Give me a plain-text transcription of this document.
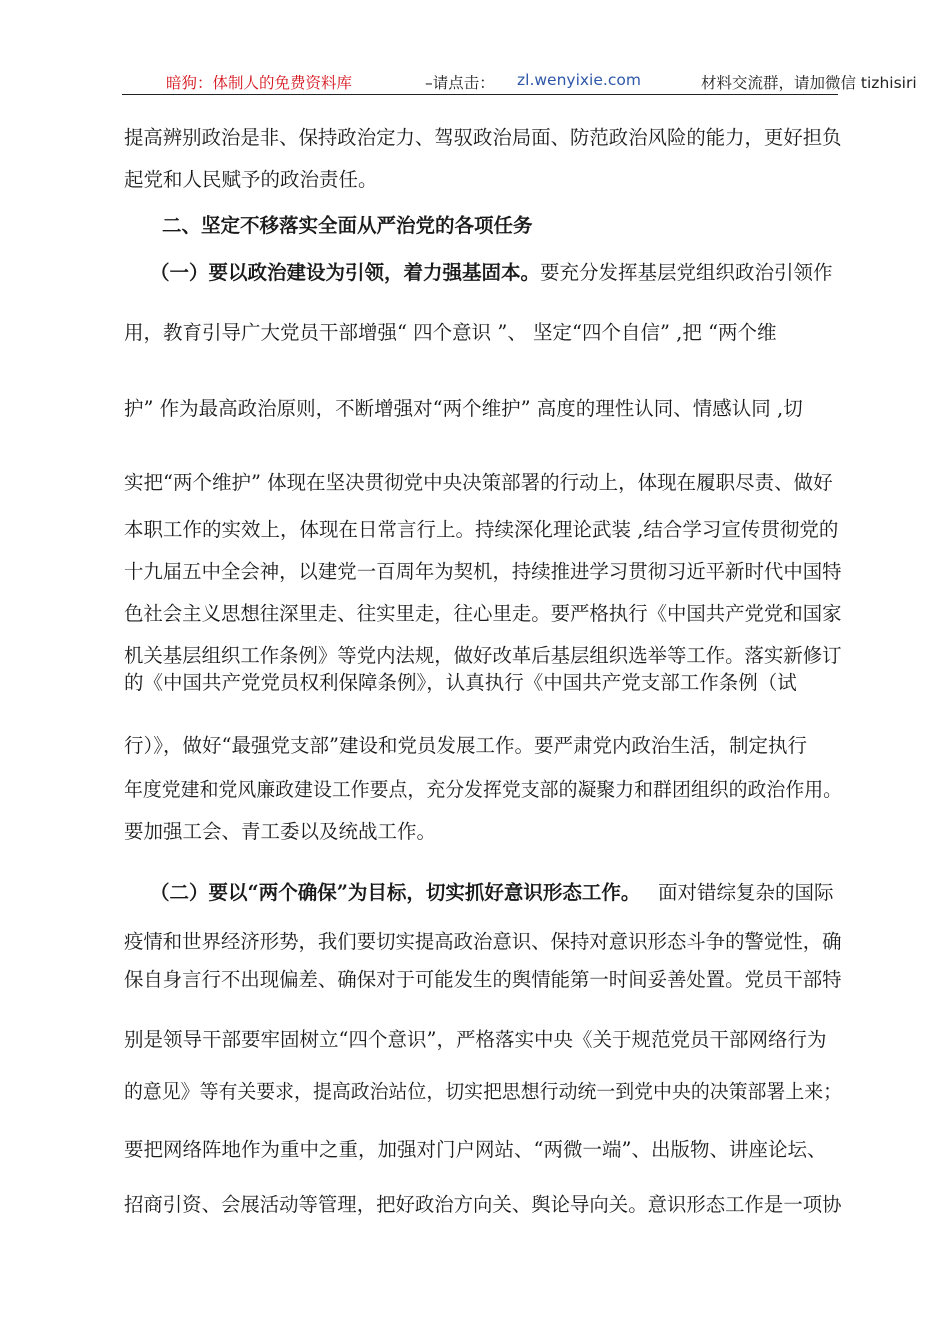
暗狗：体制人的免费资料库	–请点击： zl.wenyixie.com	材料交流群，请加微信 tizhisiri
提高辨别政治是非、保持政治定力、驾驭政治局面、防范政治风险的能力，更好担负
起党和人民赋予的政治责任。
二、坚定不移落实全面从严治党的各项任务
（一）要以政治建设为引领，着力强基固本。 要充分发挥基层党组织政治引领作
用，教育引导广大党员干部增强“ 四个意识 ”、 坚定“四个自信” ,把 “两个维
护” 作为最高政治原则，不断增强对“两个维护” 高度的理性认同、情感认同 ,切
实把“两个维护” 体现在坚决贯彻党中央决策部署的行动上，体现在履职尽责、做好
本职工作的实效上，体现在日常言行上。持续深化理论武装 ,结合学习宣传贯彻党的
十九届五中全会神，以建党一百周年为契机，持续推进学习贯彻习近平新时代中国特
色社会主义思想往深里走、往实里走，往心里走。要严格执行《中国共产党党和国家
机关基层组织工作条例》等党内法规，做好改革后基层组织选举等工作。落实新修订
的《中国共产党党员权利保障条例》，认真执行《中国共产党支部工作条例（试
行）》，做好“最强党支部”建设和党员发展工作。要严肃党内政治生活，制定执行
年度党建和党风廉政建设工作要点，充分发挥党支部的凝聚力和群团组织的政治作用。
要加强工会、青工委以及统战工作。
（二）要以“两个确保”为目标，切实抓好意识形态工作。 面对错综复杂的国际
疫情和世界经济形势，我们要切实提高政治意识、保持对意识形态斗争的警觉性，确
保自身言行不出现偏差、确保对于可能发生的舆情能第一时间妥善处置。党员干部特
别是领导干部要牢固树立“四个意识”，严格落实中央《关于规范党员干部网络行为
的意见》等有关要求，提高政治站位，切实把思想行动统一到党中央的决策部署上来；
要把网络阵地作为重中之重，加强对门户网站、“两微一端”、出版物、讲座论坛、
招商引资、会展活动等管理，把好政治方向关、舆论导向关。意识形态工作是一项协
